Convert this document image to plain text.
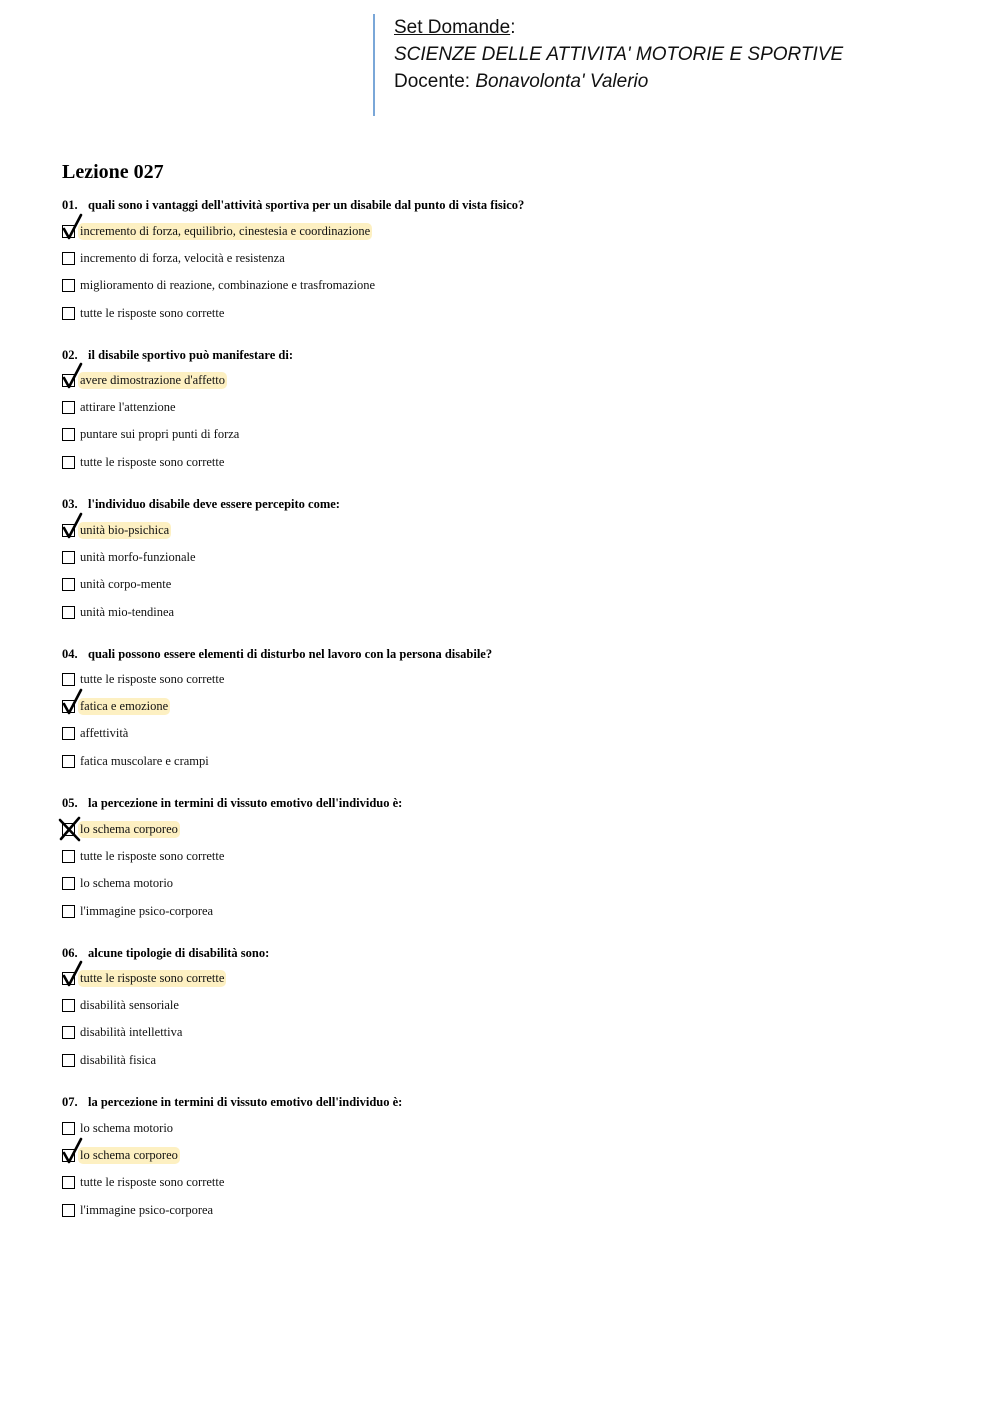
Set Domande:
SCIENZE DELLE ATTIVITA' MOTORIE E SPORTIVE
Docente: Bonavolonta' Valerio
Lezione 027
01. quali sono i vantaggi dell'attività sportiva per un disabile dal punto di vista fisico?
incremento di forza, equilibrio, cinestesia e coordinazione
incremento di forza, velocità e resistenza
miglioramento di reazione, combinazione e trasfromazione
tutte le risposte sono corrette
02. il disabile sportivo può manifestare di:
avere dimostrazione d'affetto
attirare l'attenzione
puntare sui propri punti di forza
tutte le risposte sono corrette
03. l'individuo disabile deve essere percepito come:
unità bio-psichica
unità morfo-funzionale
unità corpo-mente
unità mio-tendinea
04. quali possono essere elementi di disturbo nel lavoro con la persona disabile?
tutte le risposte sono corrette
fatica e emozione
affettività
fatica muscolare e crampi
05. la percezione in termini di vissuto emotivo dell'individuo è:
lo schema corporeo
tutte le risposte sono corrette
lo schema motorio
l'immagine psico-corporea
06. alcune tipologie di disabilità sono:
tutte le risposte sono corrette
disabilità sensoriale
disabilità intellettiva
disabilità fisica
07. la percezione in termini di vissuto emotivo dell'individuo è:
lo schema motorio
lo schema corporeo
tutte le risposte sono corrette
l'immagine psico-corporea
